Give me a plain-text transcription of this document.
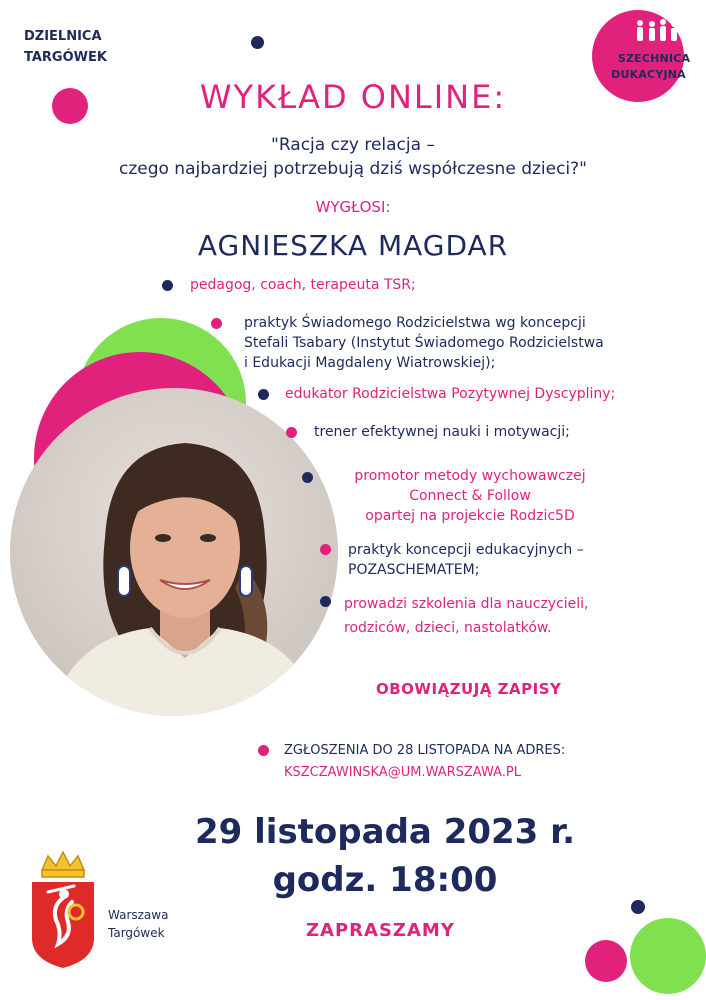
DZIELNICA
TARGÓWEK	WSZECHNICA
EDUKACYJNA
WYKŁAD ONLINE:
"Racja czy relacja –
czego najbardziej potrzebują dziś współczesne dzieci?"
WYGŁOSI:
AGNIESZKA MAGDAR
pedagog, coach, terapeuta TSR;
praktyk Świadomego Rodzicielstwa wg koncepcji
Stefali Tsabary (Instytut Świadomego Rodzicielstwa
i Edukacji Magdaleny Wiatrowskiej);
edukator Rodzicielstwa Pozytywnej Dyscypliny;
trener efektywnej nauki i motywacji;
promotor metody wychowawczej
Connect & Follow
opartej na projekcie Rodzic5D
praktyk koncepcji edukacyjnych –
POZASCHEMATEM;
prowadzi szkolenia dla nauczycieli,
rodziców, dzieci, nastolatków.
OBOWIĄZUJĄ ZAPISY
ZGŁOSZENIA DO 28 LISTOPADA NA ADRES:
KSZCZAWINSKA@UM.WARSZAWA.PL
29 listopada 2023 r.
godz. 18:00
ZAPRASZAMY
Warszawa
Targówek
